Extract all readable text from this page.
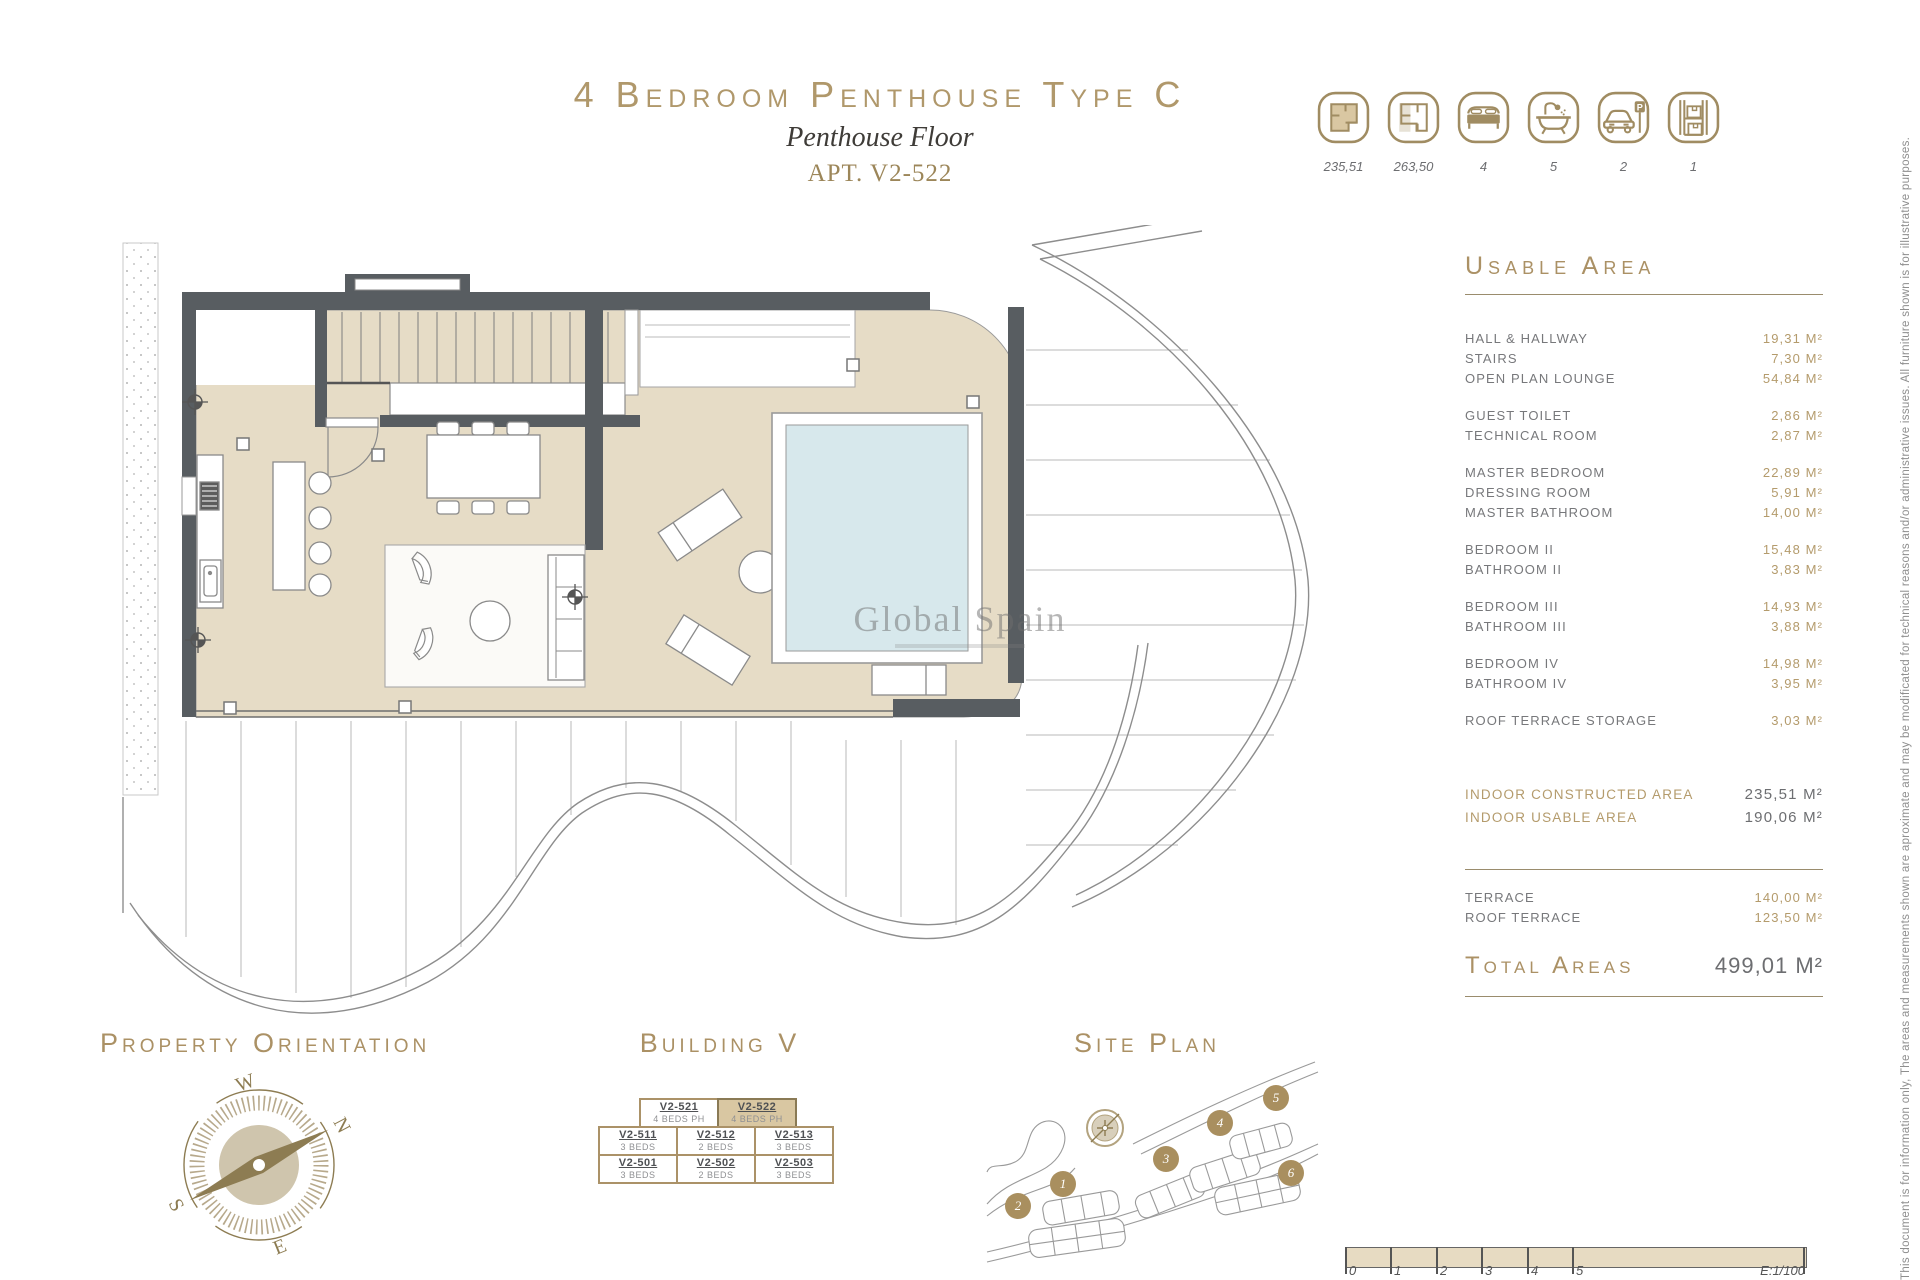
4 Bedroom Penthouse Type C
Penthouse Floor
APT. V2-522	235,51	263,50	4	5
P
2	1
Usable Area
HALL & HALLWAY	19,31 M²
STAIRS	7,30 M²
OPEN PLAN LOUNGE	54,84 M²
GUEST TOILET	2,86 M²
TECHNICAL ROOM	2,87 M²
MASTER BEDROOM	22,89 M²
DRESSING ROOM	5,91 M²
MASTER BATHROOM	14,00 M²
BEDROOM II	15,48 M²
BATHROOM II	3,83 M²
BEDROOM III	14,93 M²
BATHROOM III	3,88 M²
BEDROOM IV	14,98 M²
BATHROOM IV	3,95 M²
ROOF TERRACE STORAGE	3,03 M²
INDOOR CONSTRUCTED AREA	235,51 M²
INDOOR USABLE AREA	190,06 M²
TERRACE	140,00 M²
ROOF TERRACE	123,50 M²
Total Areas	499,01 M²
Global Spain
Property Orientation	Building V	Site Plan
N
W
S
E
V2-521
4 BEDS PH
V2-522
4 BEDS PH
V2-511
3 BEDS
V2-512
2 BEDS
V2-513
3 BEDS
V2-501
3 BEDS
V2-502
2 BEDS
V2-503
3 BEDS
1
2
3
4
5
6
0	1	2	3	4	5	E:1/100	This document is for information only, The areas and measurements shown are aproximate and may be modificated for technical reasons and/or administrative issues. All furniture shown is for illustrative purposes.
